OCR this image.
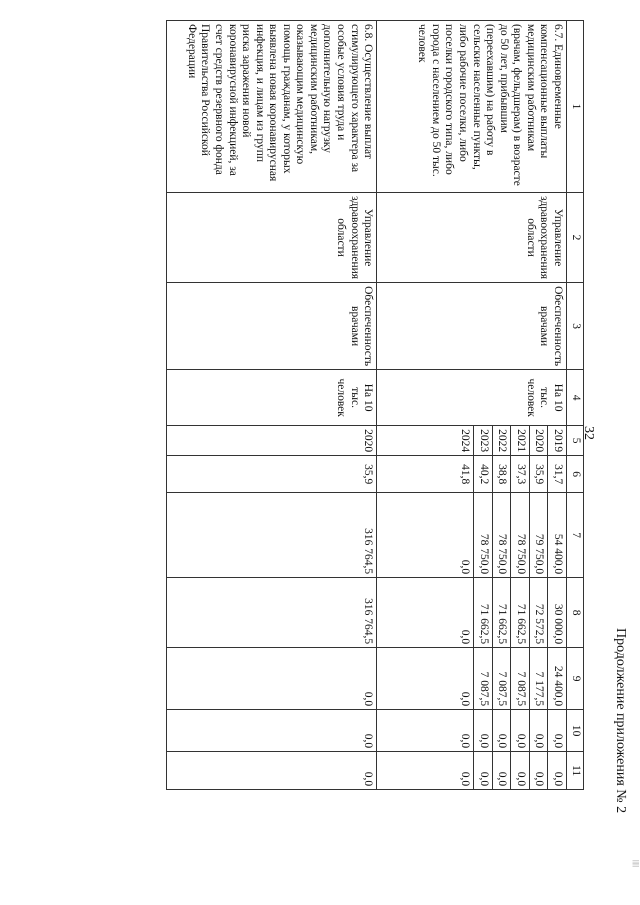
32
Продолжение приложения № 2
|||||
1	2	3	4	5	6	7	8	9	10	11
6.7. Единовременные компенсационные выплаты медицинским работникам (врачам, фельдшерам) в возрасте до 50 лет, прибывшим (переехавшим) на работу в сельские населенные пункты, либо рабочие поселки, либо поселки городского типа, либо города с населением до 50 тыс. человек	Управление здравоохранения области	Обеспеченность врачами	На 10 тыс. человек	2019	31,7	54 400,0	30 000,0	24 400,0	0,0	0,0
				2020	35,9	79 750,0	72 572,5	7 177,5	0,0	0,0
				2021	37,3	78 750,0	71 662,5	7 087,5	0,0	0,0
				2022	38,8	78 750,0	71 662,5	7 087,5	0,0	0,0
				2023	40,2	78 750,0	71 662,5	7 087,5	0,0	0,0
				2024	41,8	0,0	0,0	0,0	0,0	0,0
6.8. Осуществление выплат стимулирующего характера за особые условия труда и дополнительную нагрузку медицинским работникам, оказывающим медицинскую помощь гражданам, у которых выявлена новая коронавирусная инфекция, и лицам из групп риска заражения новой коронавирусной инфекцией, за счет средств резервного фонда Правительства Российской Федерации	Управление здравоохранения области	Обеспеченность врачами	На 10 тыс. человек	2020	35,9	316 764,5	316 764,5	0,0	0,0	0,0
